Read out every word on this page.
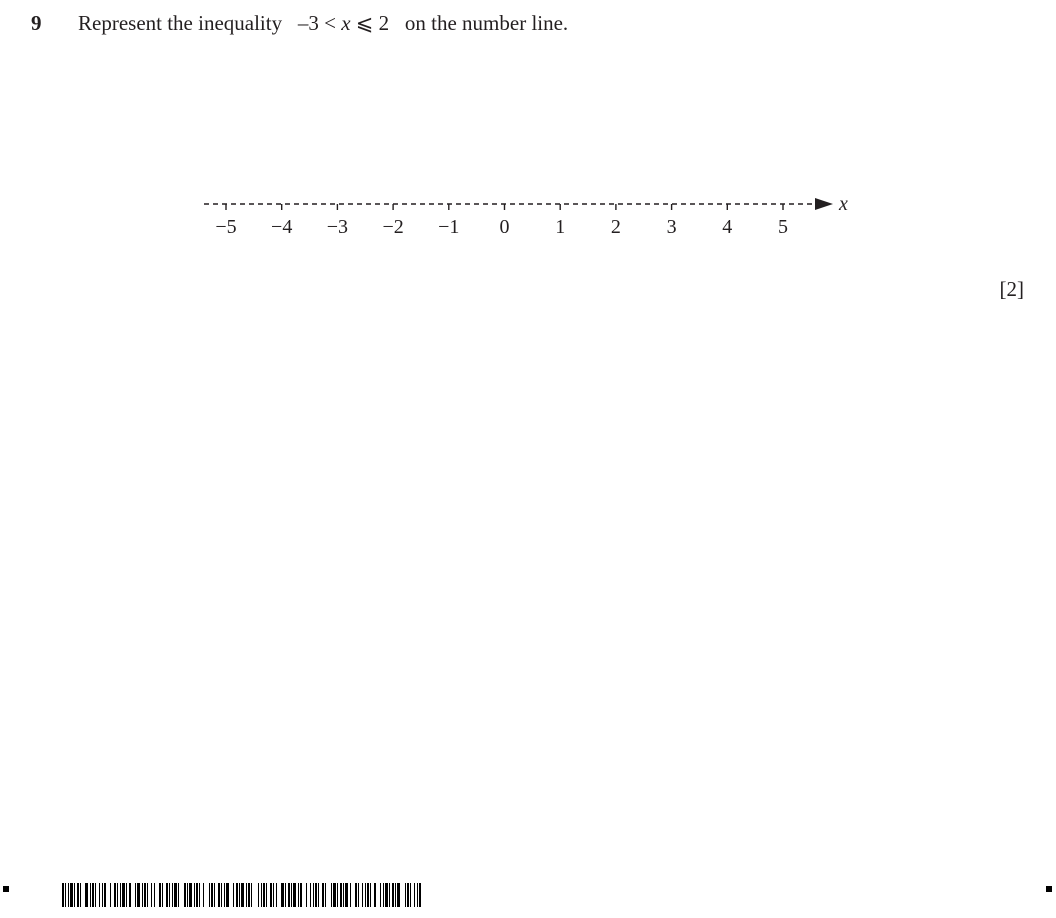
9 Represent the inequality –3 < x ⩽ 2 on the number line.
x
−5 −4 −3 −2 −1 0 1 2 3 4 5
[2]
